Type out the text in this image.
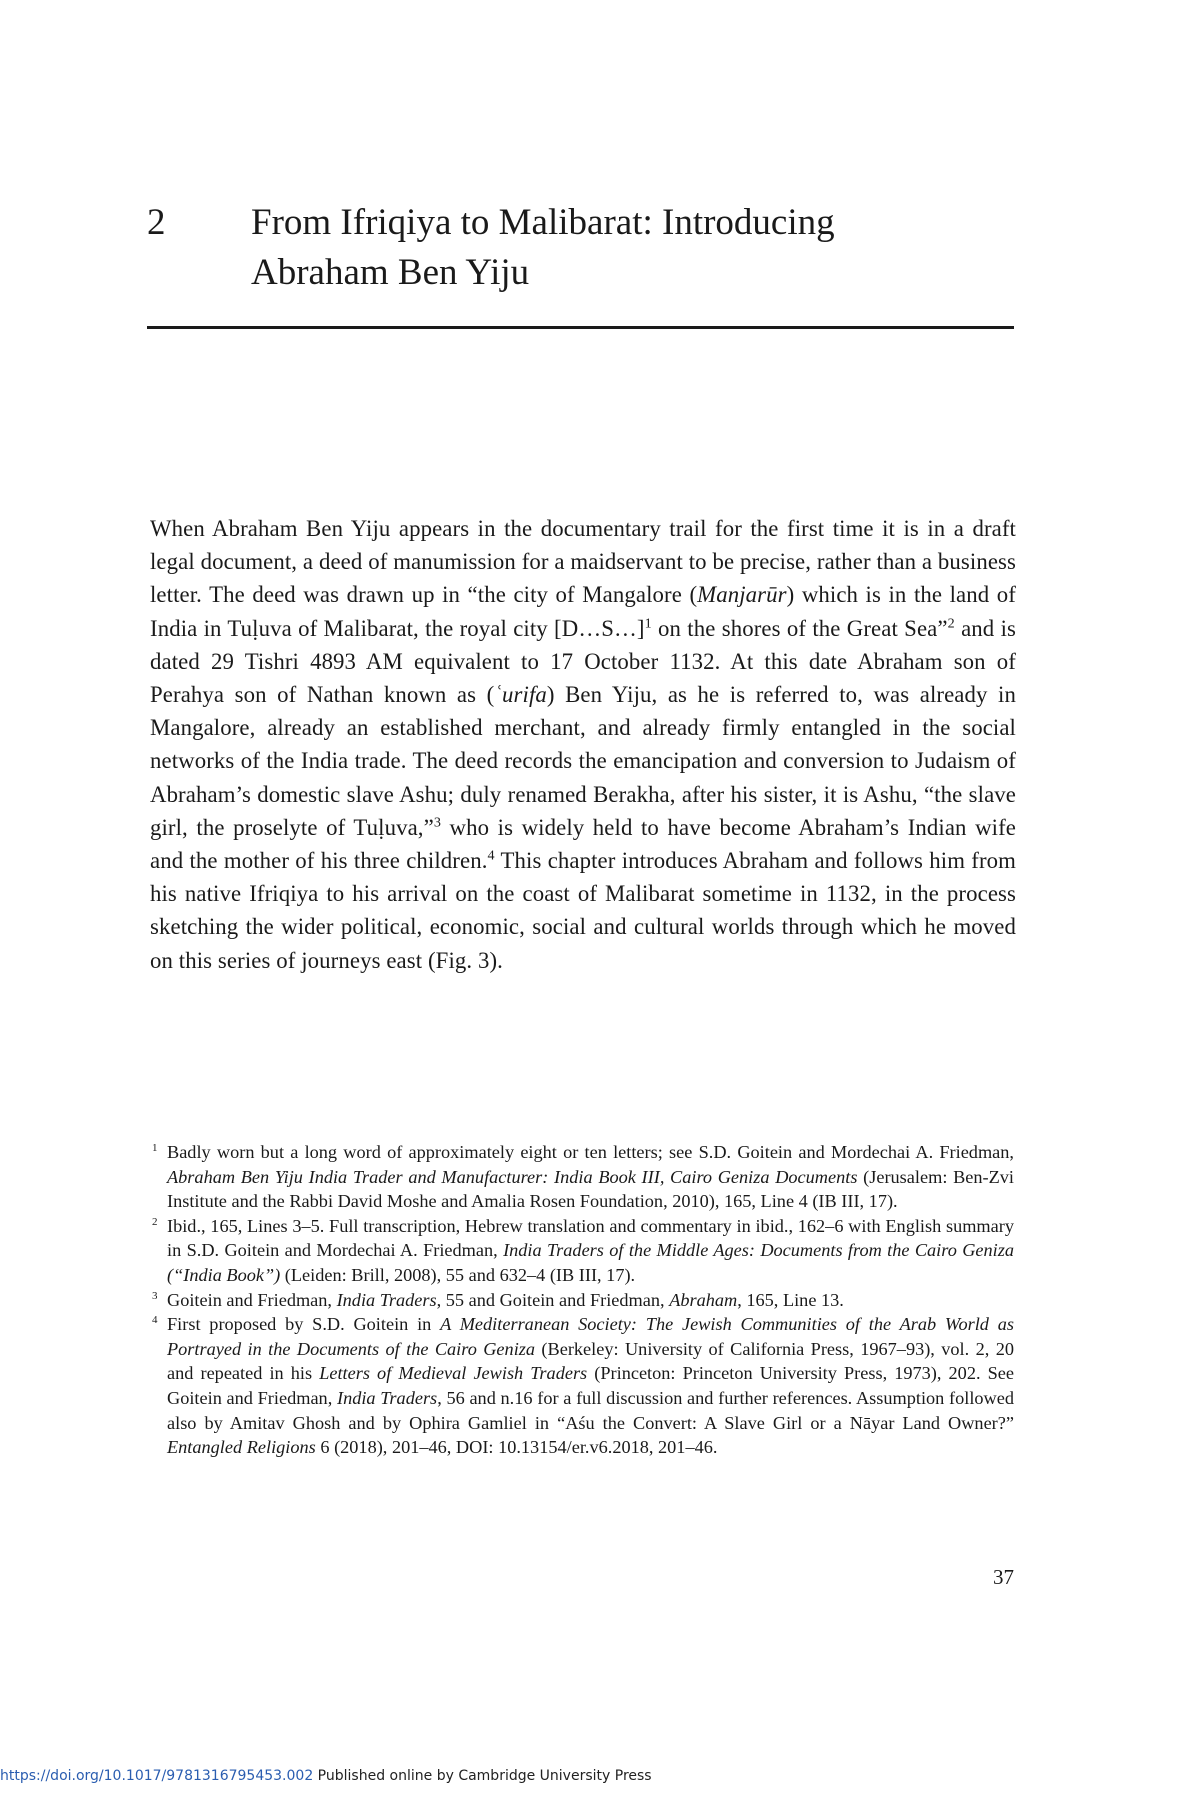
2 From Ifriqiya to Malibarat: Introducing
Abraham Ben Yiju

When Abraham Ben Yiju appears in the documentary trail for the first time it is in a draft legal document, a deed of manumission for a maidservant to be precise, rather than a business letter. The deed was drawn up in “the city of Mangalore (Manjarūr) which is in the land of India in Tuḷuva of Malibarat, the royal city [D…S…]$^1$ on the shores of the Great Sea”$^2$ and is dated 29 Tishri 4893 AM equivalent to 17 October 1132. At this date Abraham son of Perahya son of Nathan known as (ʿurifa) Ben Yiju, as he is referred to, was already in Mangalore, already an established merchant, and already firmly entangled in the social networks of the India trade. The deed records the emancipation and conversion to Judaism of Abraham’s domestic slave Ashu; duly renamed Berakha, after his sister, it is Ashu, “the slave girl, the proselyte of Tuḷuva,”$^3$ who is widely held to have become Abraham’s Indian wife and the mother of his three children.$^4$ This chapter introduces Abraham and follows him from his native Ifriqiya to his arrival on the coast of Malibarat sometime in 1132, in the process sketching the wider political, economic, social and cultural worlds through which he moved on this series of journeys east (Fig. 3).

1 Badly worn but a long word of approximately eight or ten letters; see S.D. Goitein and Mordechai A. Friedman, Abraham Ben Yiju India Trader and Manufacturer: India Book III, Cairo Geniza Documents (Jerusalem: Ben-Zvi Institute and the Rabbi David Moshe and Amalia Rosen Foundation, 2010), 165, Line 4 (IB III, 17).

2 Ibid., 165, Lines 3–5. Full transcription, Hebrew translation and commentary in ibid., 162–6 with English summary in S.D. Goitein and Mordechai A. Friedman, India Traders of the Middle Ages: Documents from the Cairo Geniza (“India Book”) (Leiden: Brill, 2008), 55 and 632–4 (IB III, 17).

3 Goitein and Friedman, India Traders, 55 and Goitein and Friedman, Abraham, 165, Line 13.

4 First proposed by S.D. Goitein in A Mediterranean Society: The Jewish Communities of the Arab World as Portrayed in the Documents of the Cairo Geniza (Berkeley: University of California Press, 1967–93), vol. 2, 20 and repeated in his Letters of Medieval Jewish Traders (Princeton: Princeton University Press, 1973), 202. See Goitein and Friedman, India Traders, 56 and n.16 for a full discussion and further references. Assumption followed also by Amitav Ghosh and by Ophira Gamliel in “Aśu the Convert: A Slave Girl or a Nāyar Land Owner?” Entangled Religions 6 (2018), 201–46, DOI: 10.13154/er.v6.2018, 201–46.

37
https://doi.org/10.1017/9781316795453.002 Published online by Cambridge University Press
